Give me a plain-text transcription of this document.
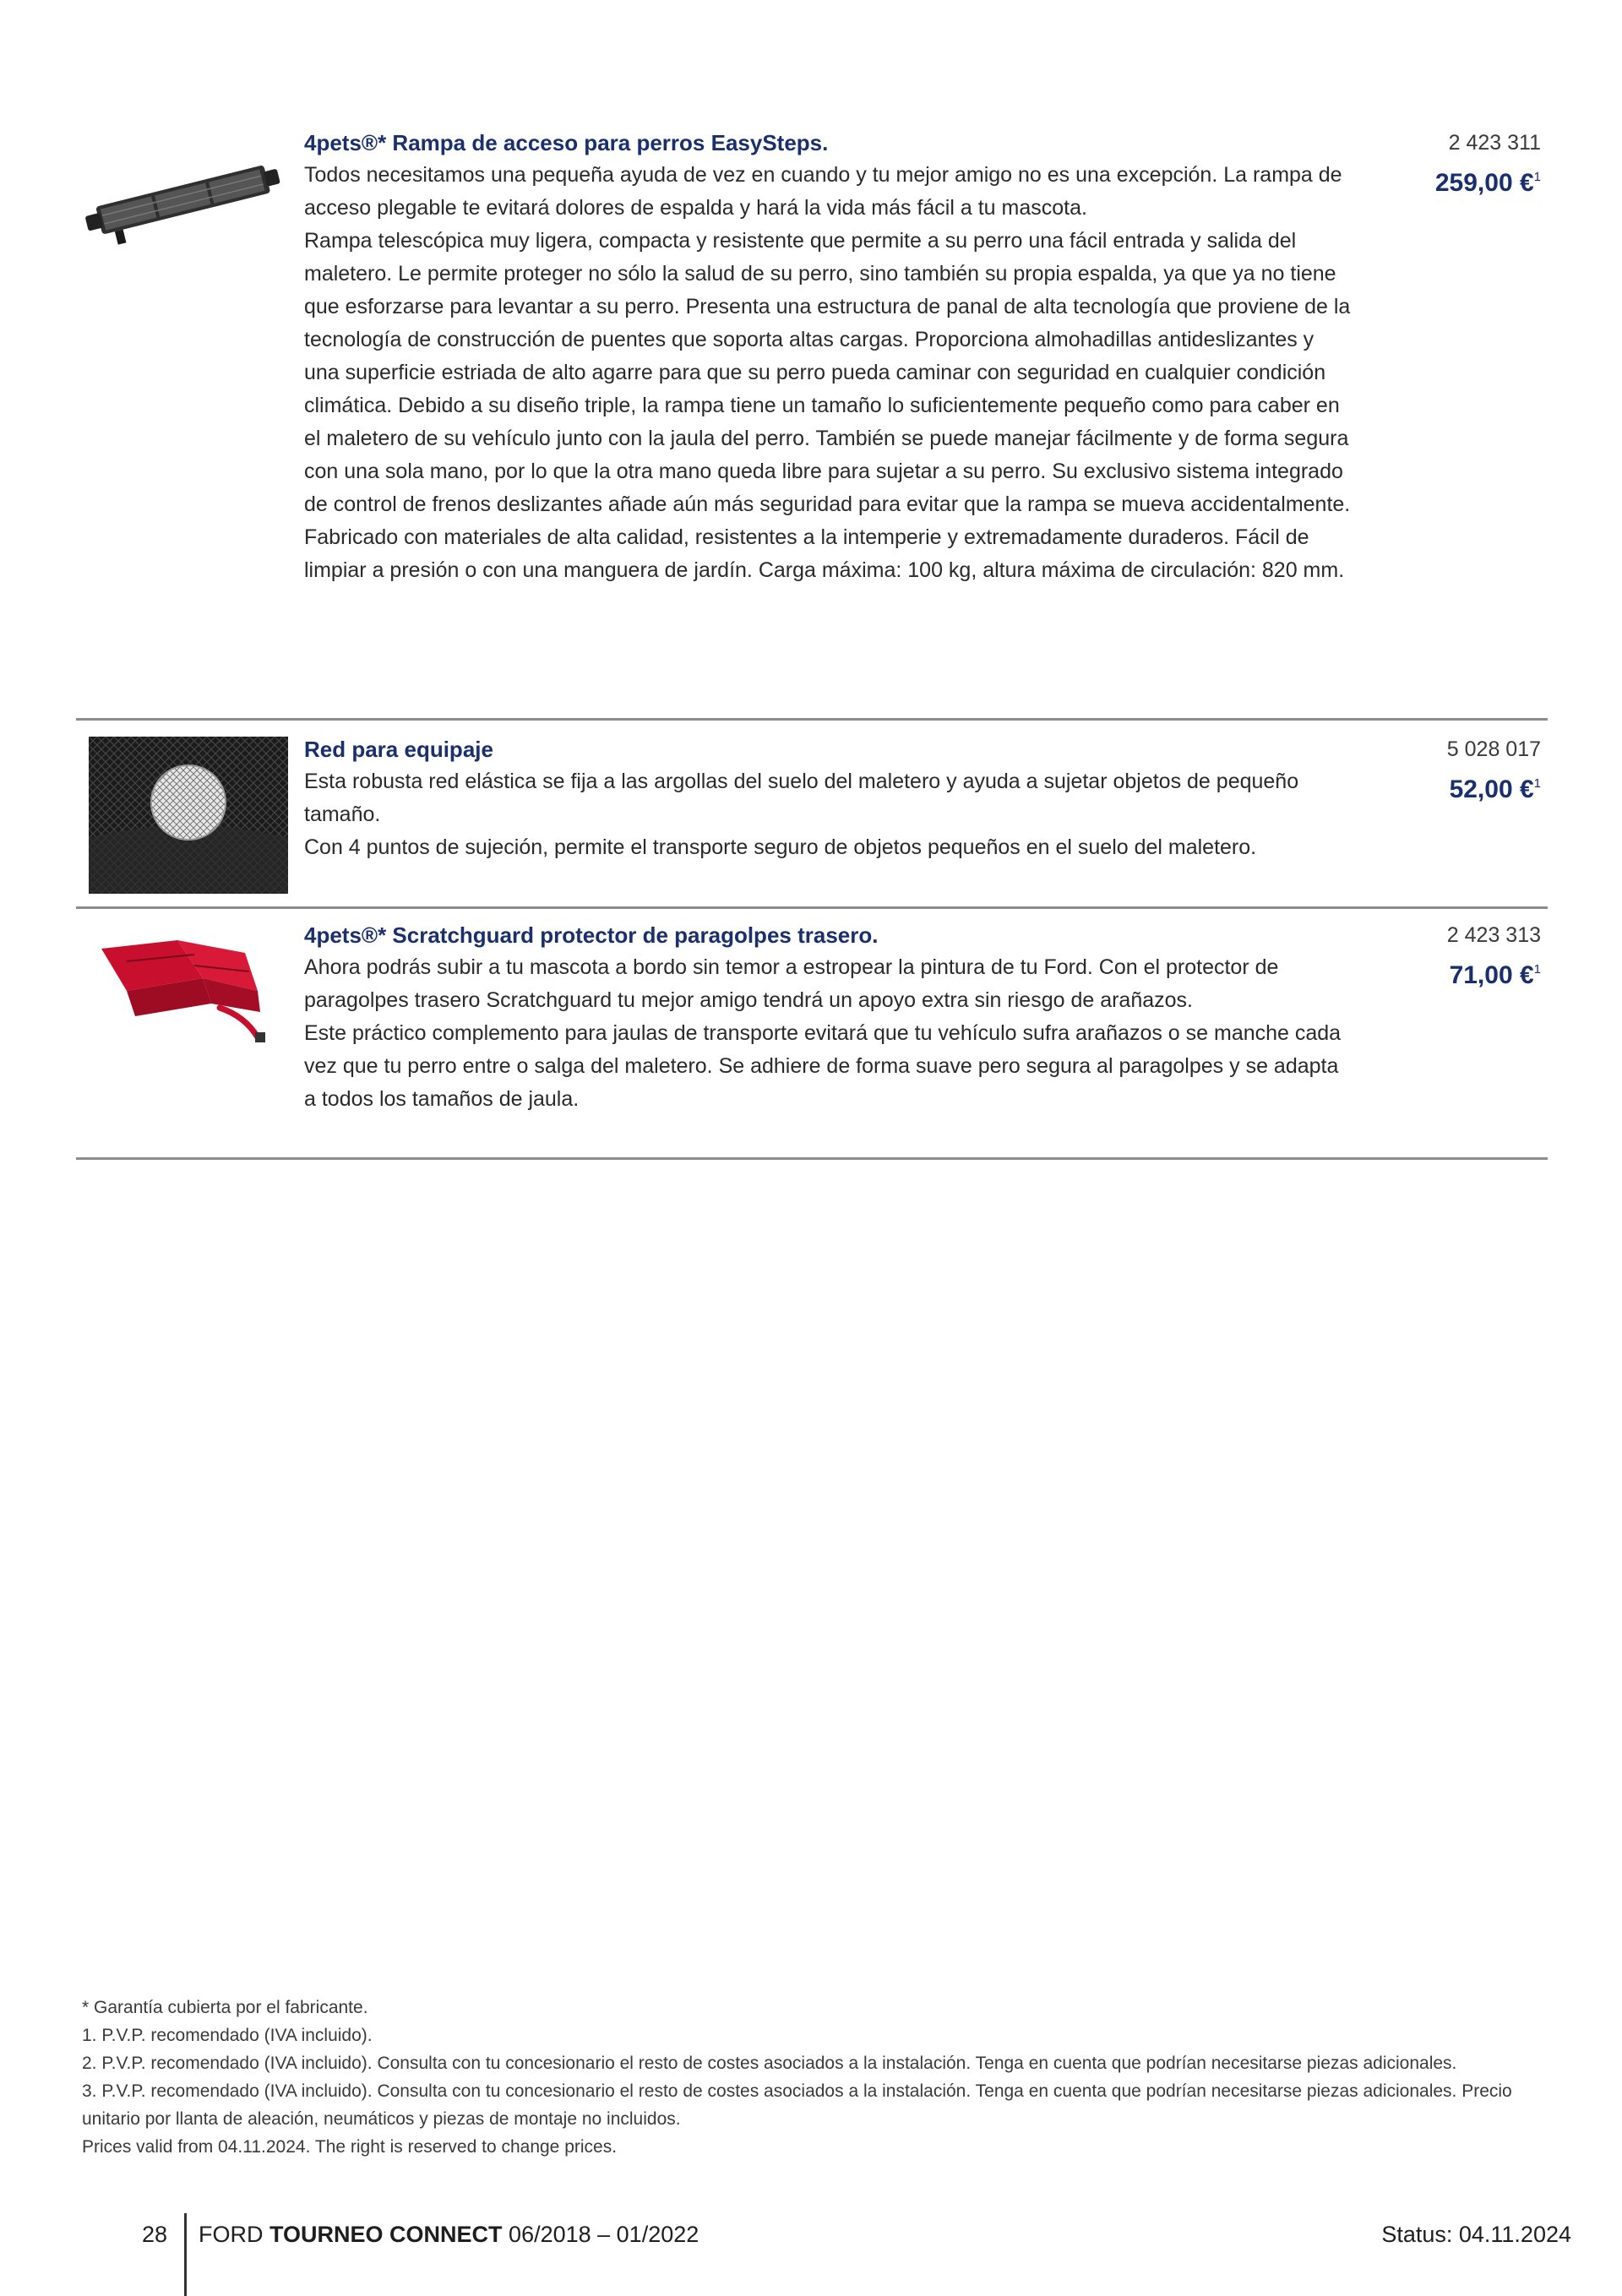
4pets®* Rampa de acceso para perros EasySteps.

Todos necesitamos una pequeña ayuda de vez en cuando y tu mejor amigo no es una excepción. La rampa de acceso plegable te evitará dolores de espalda y hará la vida más fácil a tu mascota.

Rampa telescópica muy ligera, compacta y resistente que permite a su perro una fácil entrada y salida del maletero. Le permite proteger no sólo la salud de su perro, sino también su propia espalda, ya que ya no tiene que esforzarse para levantar a su perro. Presenta una estructura de panal de alta tecnología que proviene de la tecnología de construcción de puentes que soporta altas cargas. Proporciona almohadillas antideslizantes y una superficie estriada de alto agarre para que su perro pueda caminar con seguridad en cualquier condición climática. Debido a su diseño triple, la rampa tiene un tamaño lo suficientemente pequeño como para caber en el maletero de su vehículo junto con la jaula del perro. También se puede manejar fácilmente y de forma segura con una sola mano, por lo que la otra mano queda libre para sujetar a su perro. Su exclusivo sistema integrado de control de frenos deslizantes añade aún más seguridad para evitar que la rampa se mueva accidentalmente. Fabricado con materiales de alta calidad, resistentes a la intemperie y extremadamente duraderos. Fácil de limpiar a presión o con una manguera de jardín. Carga máxima: 100 kg, altura máxima de circulación: 820 mm.

2 423 311
259,00 €$^1$

Red para equipaje

Esta robusta red elástica se fija a las argollas del suelo del maletero y ayuda a sujetar objetos de pequeño tamaño.

Con 4 puntos de sujeción, permite el transporte seguro de objetos pequeños en el suelo del maletero.

5 028 017
52,00 €$^1$

4pets®* Scratchguard protector de paragolpes trasero.

Ahora podrás subir a tu mascota a bordo sin temor a estropear la pintura de tu Ford. Con el protector de paragolpes trasero Scratchguard tu mejor amigo tendrá un apoyo extra sin riesgo de arañazos.

Este práctico complemento para jaulas de transporte evitará que tu vehículo sufra arañazos o se manche cada vez que tu perro entre o salga del maletero. Se adhiere de forma suave pero segura al paragolpes y se adapta a todos los tamaños de jaula.

2 423 313
71,00 €$^1$

* Garantía cubierta por el fabricante.

1. P.V.P. recomendado (IVA incluido).

2. P.V.P. recomendado (IVA incluido). Consulta con tu concesionario el resto de costes asociados a la instalación. Tenga en cuenta que podrían necesitarse piezas adicionales.

3. P.V.P. recomendado (IVA incluido). Consulta con tu concesionario el resto de costes asociados a la instalación. Tenga en cuenta que podrían necesitarse piezas adicionales. Precio unitario por llanta de aleación, neumáticos y piezas de montaje no incluidos.

Prices valid from 04.11.2024. The right is reserved to change prices.

28 FORD TOURNEO CONNECT 06/2018 – 01/2022	Status: 04.11.2024
